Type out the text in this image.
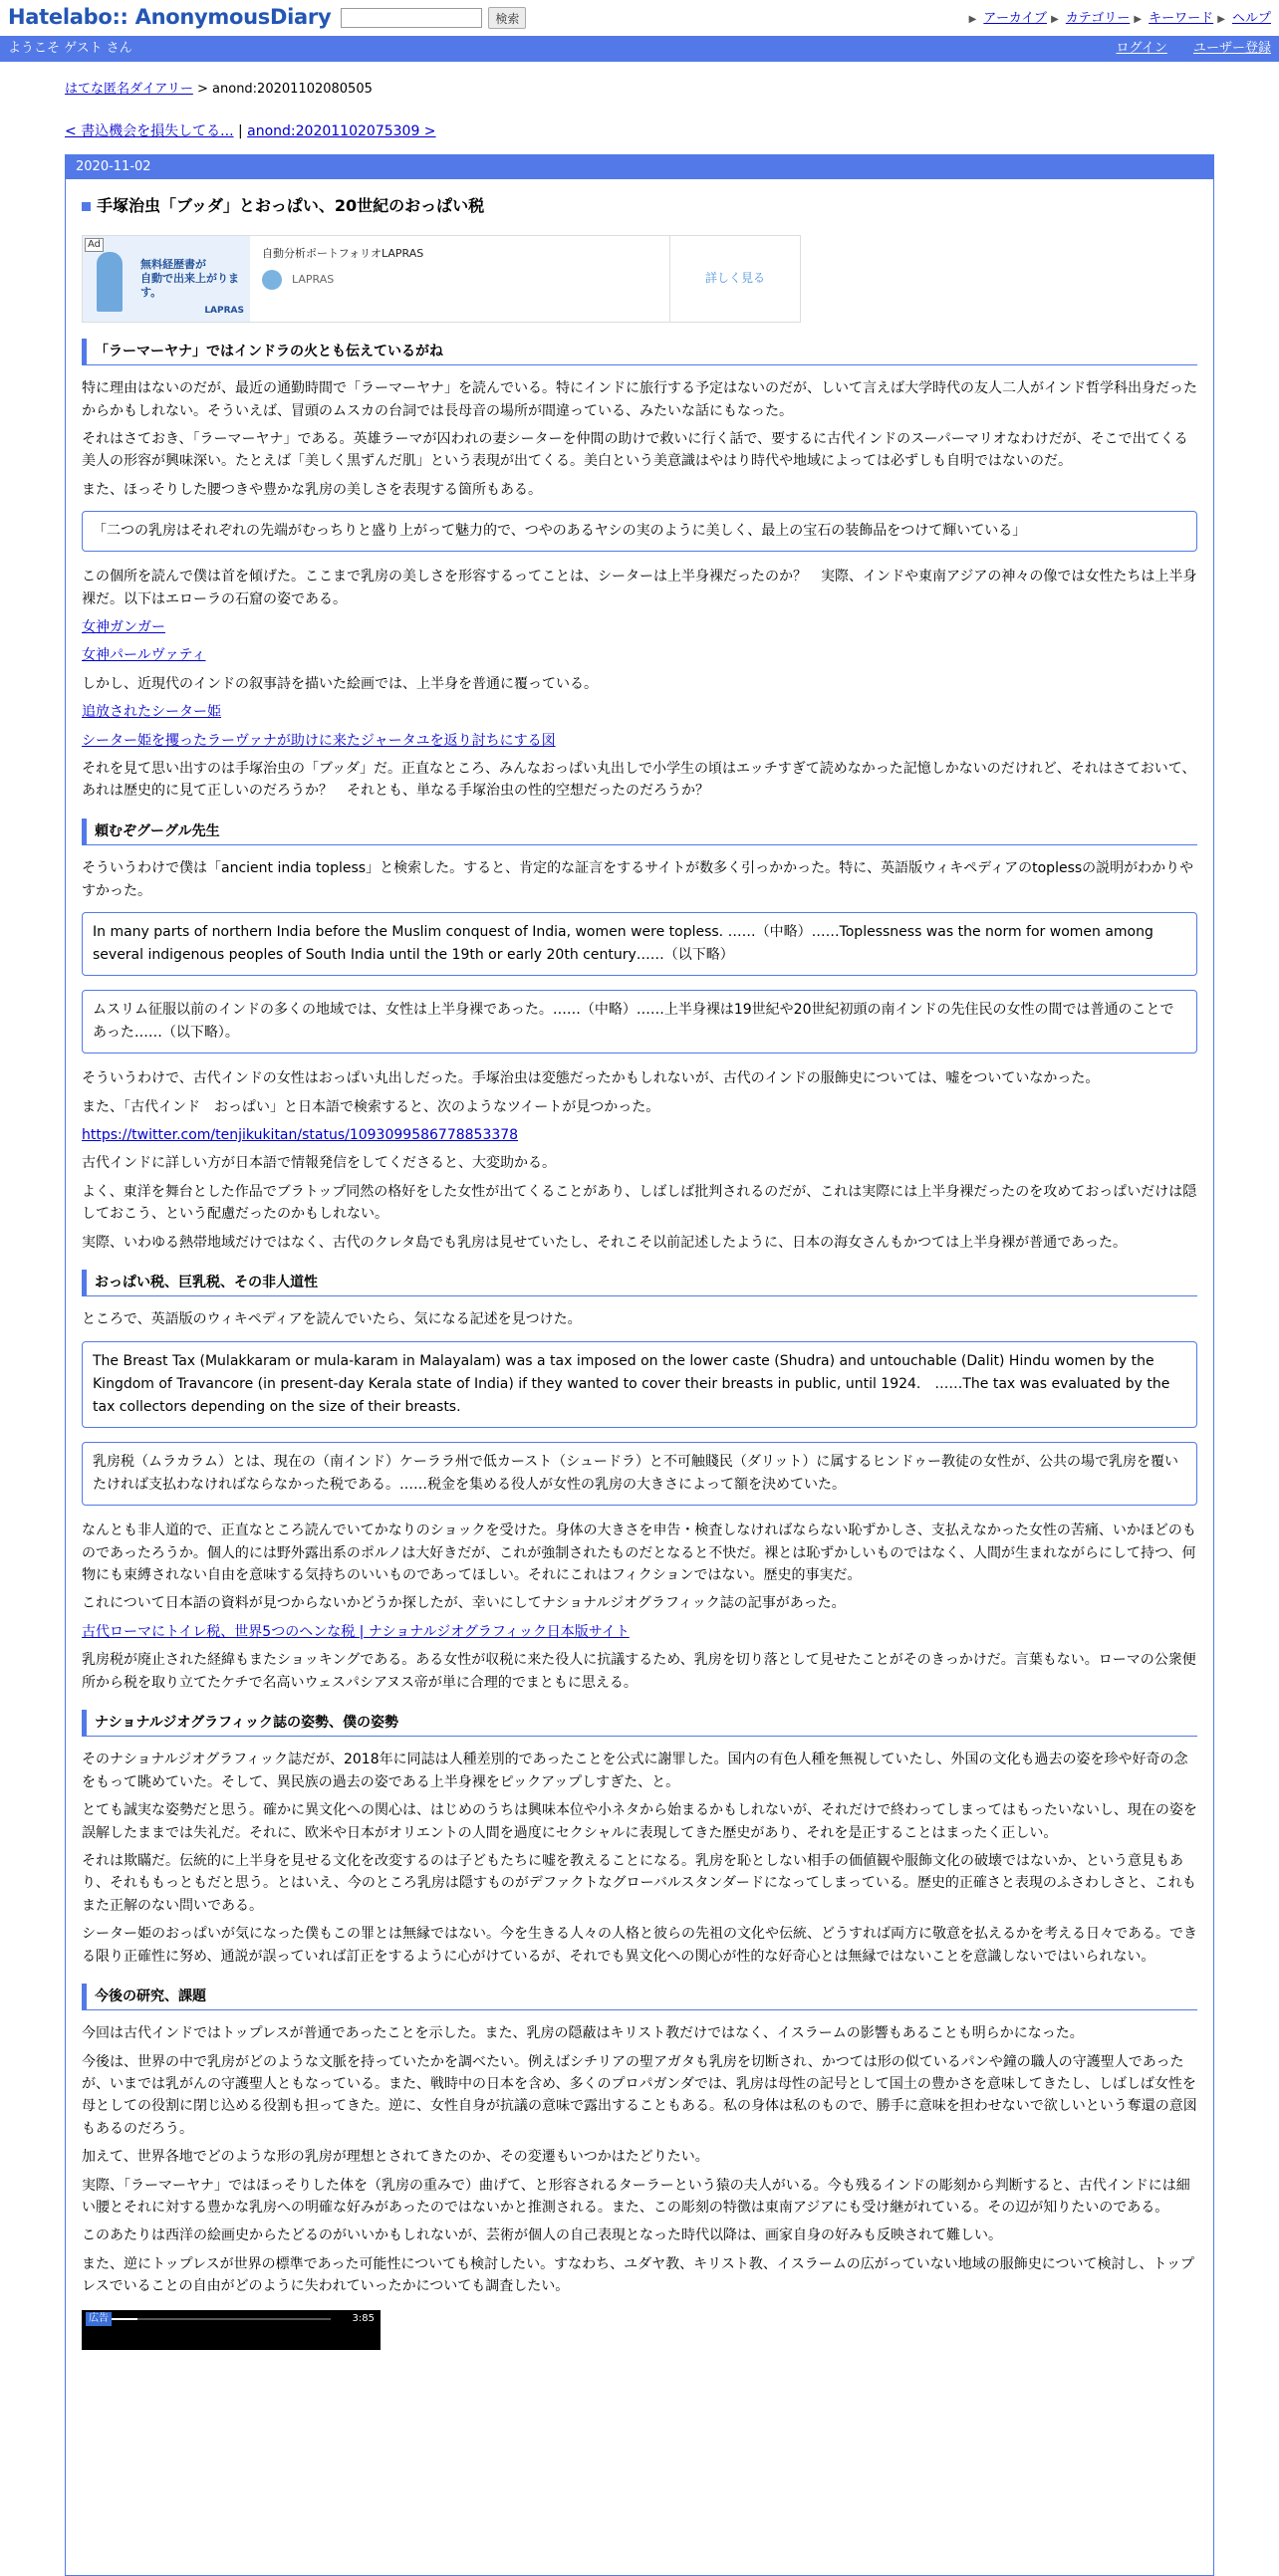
Hatelabo:: AnonymousDiary	検索	▶ アーカイブ ▶ カテゴリー ▶ キーワード ▶ ヘルプ
ようこそ ゲスト さん	ログイン ユーザー登録
はてな匿名ダイアリー > anond:20201102080505
< 書込機会を損失してる... | anond:20201102075309 >
2020-11-02
手塚治虫「ブッダ」とおっぱい、20世紀のおっぱい税
Ad
無料経歴書が
自動で出来上がります。
LAPRAS
自動分析ポートフォリオLAPRAS
LAPRAS	詳しく見る
「ラーマーヤナ」ではインドラの火とも伝えているがね

特に理由はないのだが、最近の通勤時間で「ラーマーヤナ」を読んでいる。特にインドに旅行する予定はないのだが、しいて言えば大学時代の友人二人がインド哲学科出身だったからかもしれない。そういえば、冒頭のムスカの台詞では長母音の場所が間違っている、みたいな話にもなった。

それはさておき、「ラーマーヤナ」である。英雄ラーマが囚われの妻シーターを仲間の助けで救いに行く話で、要するに古代インドのスーパーマリオなわけだが、そこで出てくる美人の形容が興味深い。たとえば「美しく黒ずんだ肌」という表現が出てくる。美白という美意識はやはり時代や地域によっては必ずしも自明ではないのだ。

また、ほっそりした腰つきや豊かな乳房の美しさを表現する箇所もある。

「二つの乳房はそれぞれの先端がむっちりと盛り上がって魅力的で、つやのあるヤシの実のように美しく、最上の宝石の装飾品をつけて輝いている」

この個所を読んで僕は首を傾げた。ここまで乳房の美しさを形容するってことは、シーターは上半身裸だったのか？　実際、インドや東南アジアの神々の像では女性たちは上半身裸だ。以下はエローラの石窟の姿である。

女神ガンガー

女神パールヴァティ

しかし、近現代のインドの叙事詩を描いた絵画では、上半身を普通に覆っている。

追放されたシーター姫

シーター姫を攫ったラーヴァナが助けに来たジャータユを返り討ちにする図

それを見て思い出すのは手塚治虫の「ブッダ」だ。正直なところ、みんなおっぱい丸出しで小学生の頃はエッチすぎて読めなかった記憶しかないのだけれど、それはさておいて、あれは歴史的に見て正しいのだろうか？　それとも、単なる手塚治虫の性的空想だったのだろうか？

頼むぞグーグル先生

そういうわけで僕は「ancient india topless」と検索した。すると、肯定的な証言をするサイトが数多く引っかかった。特に、英語版ウィキペディアのtoplessの説明がわかりやすかった。

In many parts of northern India before the Muslim conquest of India, women were topless. ……（中略）……Toplessness was the norm for women among several indigenous peoples of South India until the 19th or early 20th century……（以下略）
ムスリム征服以前のインドの多くの地域では、女性は上半身裸であった。……（中略）……上半身裸は19世紀や20世紀初頭の南インドの先住民の女性の間では普通のことであった……（以下略）。

そういうわけで、古代インドの女性はおっぱい丸出しだった。手塚治虫は変態だったかもしれないが、古代のインドの服飾史については、嘘をついていなかった。

また、「古代インド　おっぱい」と日本語で検索すると、次のようなツイートが見つかった。

https://twitter.com/tenjikukitan/status/1093099586778853378

古代インドに詳しい方が日本語で情報発信をしてくださると、大変助かる。

よく、東洋を舞台とした作品でブラトップ同然の格好をした女性が出てくることがあり、しばしば批判されるのだが、これは実際には上半身裸だったのを攻めておっぱいだけは隠しておこう、という配慮だったのかもしれない。

実際、いわゆる熱帯地域だけではなく、古代のクレタ島でも乳房は見せていたし、それこそ以前記述したように、日本の海女さんもかつては上半身裸が普通であった。

おっぱい税、巨乳税、その非人道性

ところで、英語版のウィキペディアを読んでいたら、気になる記述を見つけた。

The Breast Tax (Mulakkaram or mula-karam in Malayalam) was a tax imposed on the lower caste (Shudra) and untouchable (Dalit) Hindu women by the Kingdom of Travancore (in present-day Kerala state of India) if they wanted to cover their breasts in public, until 1924.　……The tax was evaluated by the tax collectors depending on the size of their breasts.
乳房税（ムラカラム）とは、現在の（南インド）ケーララ州で低カースト（シュードラ）と不可触賤民（ダリット）に属するヒンドゥー教徒の女性が、公共の場で乳房を覆いたければ支払わなければならなかった税である。……税金を集める役人が女性の乳房の大きさによって額を決めていた。

なんとも非人道的で、正直なところ読んでいてかなりのショックを受けた。身体の大きさを申告・検査しなければならない恥ずかしさ、支払えなかった女性の苦痛、いかほどのものであったろうか。個人的には野外露出系のポルノは大好きだが、これが強制されたものだとなると不快だ。裸とは恥ずかしいものではなく、人間が生まれながらにして持つ、何物にも束縛されない自由を意味する気持ちのいいものであってほしい。それにこれはフィクションではない。歴史的事実だ。

これについて日本語の資料が見つからないかどうか探したが、幸いにしてナショナルジオグラフィック誌の記事があった。

古代ローマにトイレ税、世界5つのヘンな税 | ナショナルジオグラフィック日本版サイト

乳房税が廃止された経緯もまたショッキングである。ある女性が収税に来た役人に抗議するため、乳房を切り落として見せたことがそのきっかけだ。言葉もない。ローマの公衆便所から税を取り立てたケチで名高いウェスパシアヌス帝が単に合理的でまともに思える。

ナショナルジオグラフィック誌の姿勢、僕の姿勢

そのナショナルジオグラフィック誌だが、2018年に同誌は人種差別的であったことを公式に謝罪した。国内の有色人種を無視していたし、外国の文化も過去の姿を珍や好奇の念をもって眺めていた。そして、異民族の過去の姿である上半身裸をピックアップしすぎた、と。

とても誠実な姿勢だと思う。確かに異文化への関心は、はじめのうちは興味本位や小ネタから始まるかもしれないが、それだけで終わってしまってはもったいないし、現在の姿を誤解したままでは失礼だ。それに、欧米や日本がオリエントの人間を過度にセクシャルに表現してきた歴史があり、それを是正することはまったく正しい。

それは欺瞞だ。伝統的に上半身を見せる文化を改変するのは子どもたちに嘘を教えることになる。乳房を恥としない相手の価値観や服飾文化の破壊ではないか、という意見もあり、それももっともだと思う。とはいえ、今のところ乳房は隠すものがデファクトなグローバルスタンダードになってしまっている。歴史的正確さと表現のふさわしさと、これもまた正解のない問いである。

シーター姫のおっぱいが気になった僕もこの罪とは無縁ではない。今を生きる人々の人格と彼らの先祖の文化や伝統、どうすれば両方に敬意を払えるかを考える日々である。できる限り正確性に努め、通説が誤っていれば訂正をするように心がけているが、それでも異文化への関心が性的な好奇心とは無縁ではないことを意識しないではいられない。

今後の研究、課題

今回は古代インドではトップレスが普通であったことを示した。また、乳房の隠蔽はキリスト教だけではなく、イスラームの影響もあることも明らかになった。

今後は、世界の中で乳房がどのような文脈を持っていたかを調べたい。例えばシチリアの聖アガタも乳房を切断され、かつては形の似ているパンや鐘の職人の守護聖人であったが、いまでは乳がんの守護聖人ともなっている。また、戦時中の日本を含め、多くのプロパガンダでは、乳房は母性の記号として国土の豊かさを意味してきたし、しばしば女性を母としての役割に閉じ込める役割も担ってきた。逆に、女性自身が抗議の意味で露出することもある。私の身体は私のもので、勝手に意味を担わせないで欲しいという奪還の意図もあるのだろう。

加えて、世界各地でどのような形の乳房が理想とされてきたのか、その変遷もいつかはたどりたい。

実際、「ラーマーヤナ」ではほっそりした体を（乳房の重みで）曲げて、と形容されるターラーという猿の夫人がいる。今も残るインドの彫刻から判断すると、古代インドには細い腰とそれに対する豊かな乳房への明確な好みがあったのではないかと推測される。また、この彫刻の特徴は東南アジアにも受け継がれている。その辺が知りたいのである。

このあたりは西洋の絵画史からたどるのがいいかもしれないが、芸術が個人の自己表現となった時代以降は、画家自身の好みも反映されて難しい。

また、逆にトップレスが世界の標準であった可能性についても検討したい。すなわち、ユダヤ教、キリスト教、イスラームの広がっていない地域の服飾史について検討し、トップレスでいることの自由がどのように失われていったかについても調査したい。

広告	3:85
